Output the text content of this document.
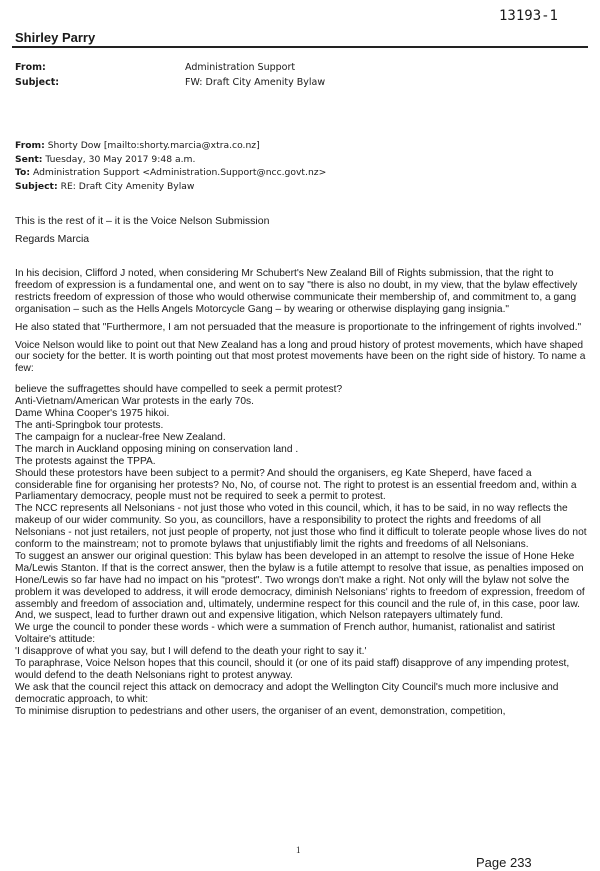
13193-1
Shirley Parry
From:	Administration Support
Subject:	FW: Draft City Amenity Bylaw
From: Shorty Dow [mailto:shorty.marcia@xtra.co.nz]
Sent: Tuesday, 30 May 2017 9:48 a.m.
To: Administration Support <Administration.Support@ncc.govt.nz>
Subject: RE: Draft City Amenity Bylaw
This is the rest of it – it is the Voice Nelson Submission
Regards Marcia

In his decision, Clifford J noted, when considering Mr Schubert's New Zealand Bill of Rights submission, that the right to freedom of expression is a fundamental one, and went on to say "there is also no doubt, in my view, that the bylaw effectively restricts freedom of expression of those who would otherwise communicate their membership of, and commitment to, a gang organisation – such as the Hells Angels Motorcycle Gang – by wearing or otherwise displaying gang insignia."

He also stated that "Furthermore, I am not persuaded that the measure is proportionate to the infringement of rights involved."

Voice Nelson would like to point out that New Zealand has a long and proud history of protest movements, which have shaped our society for the better. It is worth pointing out that most protest movements have been on the right side of history. To name a few:

believe the suffragettes should have compelled to seek a permit protest?
Anti-Vietnam/American War protests in the early 70s.
Dame Whina Cooper's 1975 hikoi.
The anti-Springbok tour protests.
The campaign for a nuclear-free New Zealand.
The march in Auckland opposing mining on conservation land .
The protests against the TPPA.

Should these protestors have been subject to a permit? And should the organisers, eg Kate Sheperd, have faced a considerable fine for organising her protests? No, No, of course not. The right to protest is an essential freedom and, within a Parliamentary democracy, people must not be required to seek a permit to protest.

The NCC represents all Nelsonians - not just those who voted in this council, which, it has to be said, in no way reflects the makeup of our wider community. So you, as councillors, have a responsibility to protect the rights and freedoms of all Nelsonians - not just retailers, not just people of property, not just those who find it difficult to tolerate people whose lives do not conform to the mainstream; not to promote bylaws that unjustifiably limit the rights and freedoms of all Nelsonians.

To suggest an answer our original question: This bylaw has been developed in an attempt to resolve the issue of Hone Heke Ma/Lewis Stanton. If that is the correct answer, then the bylaw is a futile attempt to resolve that issue, as penalties imposed on Hone/Lewis so far have had no impact on his "protest". Two wrongs don't make a right. Not only will the bylaw not solve the problem it was developed to address, it will erode democracy, diminish Nelsonians' rights to freedom of expression, freedom of assembly and freedom of association and, ultimately, undermine respect for this council and the rule of, in this case, poor law. And, we suspect, lead to further drawn out and expensive litigation, which Nelson ratepayers ultimately fund.

We urge the council to ponder these words - which were a summation of French author, humanist, rationalist and satirist Voltaire's attitude:

'I disapprove of what you say, but I will defend to the death your right to say it.'

To paraphrase, Voice Nelson hopes that this council, should it (or one of its paid staff) disapprove of any impending protest, would defend to the death Nelsonians right to protest anyway.

We ask that the council reject this attack on democracy and adopt the Wellington City Council's much more inclusive and democratic approach, to whit:

To minimise disruption to pedestrians and other users, the organiser of an event, demonstration, competition,

1
Page 233
